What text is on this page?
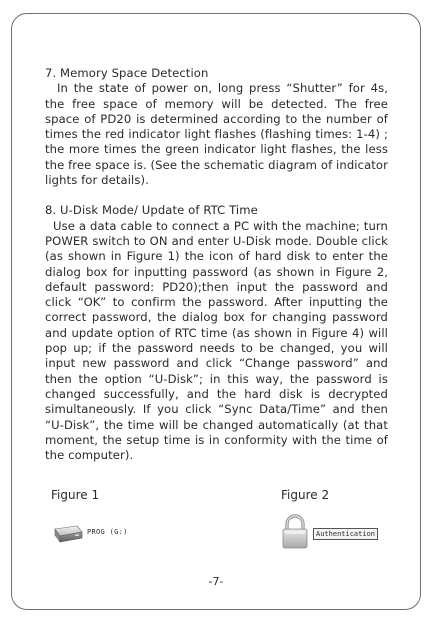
7. Memory Space Detection

In the state of power on, long press “Shutter” for 4s, the free space of memory will be detected. The free space of PD20 is determined according to the number of times the red indicator light flashes (flashing times: 1-4) ; the more times the green indicator light flashes, the less the free space is. (See the schematic diagram of indicator lights for details).

8. U-Disk Mode/ Update of RTC Time

Use a data cable to connect a PC with the machine; turn POWER switch to ON and enter U-Disk mode. Double click (as shown in Figure 1) the icon of hard disk to enter the dialog box for inputting password (as shown in Figure 2, default password: PD20);then input the password and click “OK” to confirm the password. After inputting the correct password, the dialog box for changing password and update option of RTC time (as shown in Figure 4) will pop up; if the password needs to be changed, you will input new password and click “Change password” and then the option “U-Disk”; in this way, the password is changed successfully, and the hard disk is decrypted simultaneously. If you click “Sync Data/Time” and then “U-Disk”, the time will be changed automatically (at that moment, the setup time is in conformity with the time of the computer).

Figure 1	Figure 2
PROG (G:)	Authentication
-7-
